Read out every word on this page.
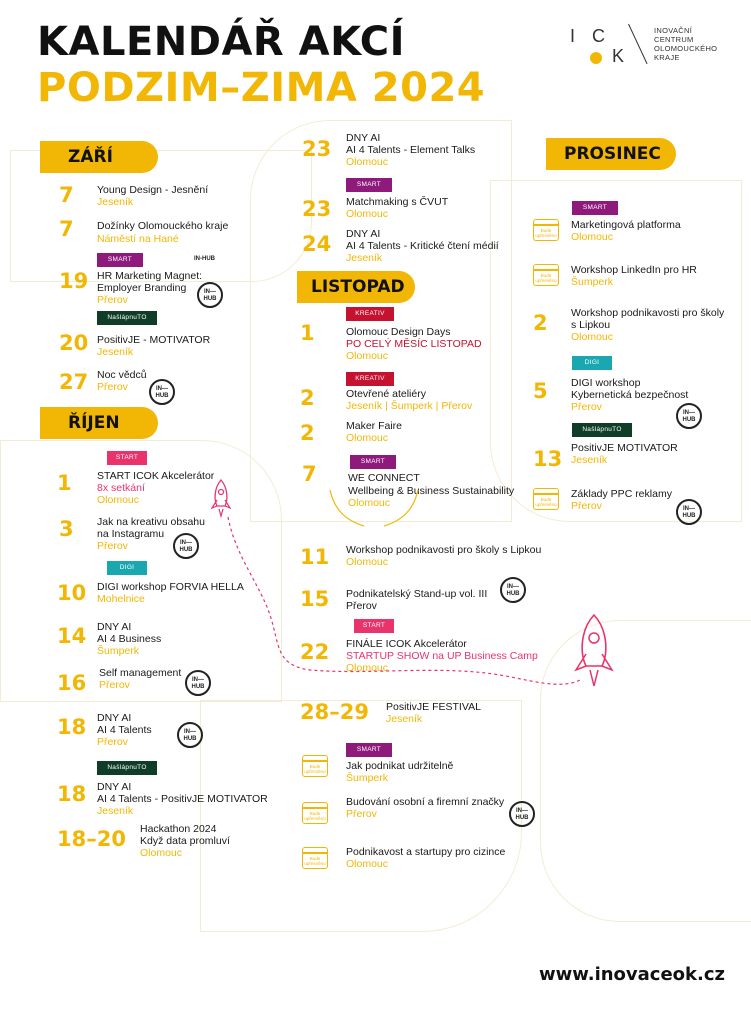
KALENDÁŘ AKCÍ
PODZIM–ZIMA 2024
I C
K
INOVAČNÍ CENTRUM OLOMOUCKÉHO KRAJE
ZÁŘÍ
7 Young Design - Jesnění
Jeseník
7 Dožínky Olomouckého kraje
Náměstí na Hané
SMART	IN-HUB
19 HR Marketing Magnet:
Employer Branding
Přerov
IN— HUB
NašlápnuTO
20 PositivJE - MOTIVATOR
Jeseník
27 Noc vědců
Přerov	IN— HUB
ŘÍJEN
START
1 START ICOK Akcelerátor
8x setkání
Olomouc
3 Jak na kreativu obsahu
na Instagramu
Přerov	IN— HUB
DIGI
10 DIGI workshop FORVIA HELLA
Mohelnice
14 DNY AI
AI 4 Business
Šumperk
16 Self management
Přerov	IN— HUB
18 DNY AI
AI 4 Talents
Přerov
IN— HUB
NašlápnuTO
18 DNY AI
AI 4 Talents - PositivJE MOTIVATOR
Jeseník
18–20 Hackathon 2024
Když data promluví
Olomouc
23 DNY AI
AI 4 Talents - Element Talks
Olomouc
SMART
23 Matchmaking s ČVUT
Olomouc
24 DNY AI
AI 4 Talents - Kritické čtení médií
Jeseník
LISTOPAD
KREATIV
1	Olomouc Design Days
PO CELÝ MĚSÍC LISTOPAD
Olomouc
KREATIV
2	Otevřené ateliéry
Jeseník | Šumperk | Přerov
2	Maker Faire
Olomouc
SMART
7	WE CONNECT
Wellbeing & Business Sustainability
Olomouc
11 Workshop podnikavosti pro školy s Lipkou
Olomouc
15 Podnikatelský Stand-up vol. III
Přerov
IN— HUB
START
22 FINÁLE ICOK Akcelerátor
STARTUP SHOW na UP Business Camp
Olomouc
28–29 PositivJE FESTIVAL
Jeseník
SMART
Bude upřesněno Jak podnikat udržitelně
Šumperk
Bude upřesněno
Budování osobní a firemní značky
Přerov	IN— HUB
Bude upřesněno
Podnikavost a startupy pro cizince
Olomouc
PROSINEC
SMART
Bude upřesněno
Marketingová platforma
Olomouc
Bude upřesněno
Workshop LinkedIn pro HR
Šumperk
2 Workshop podnikavosti pro školy
s Lipkou
Olomouc
DIGI
5 DIGI workshop
Kybernetická bezpečnost
Přerov	IN— HUB
NašlápnuTO
13 PositivJE MOTIVATOR
Jeseník
Bude upřesněno
Základy PPC reklamy
Přerov	IN— HUB
www.inovaceok.cz
